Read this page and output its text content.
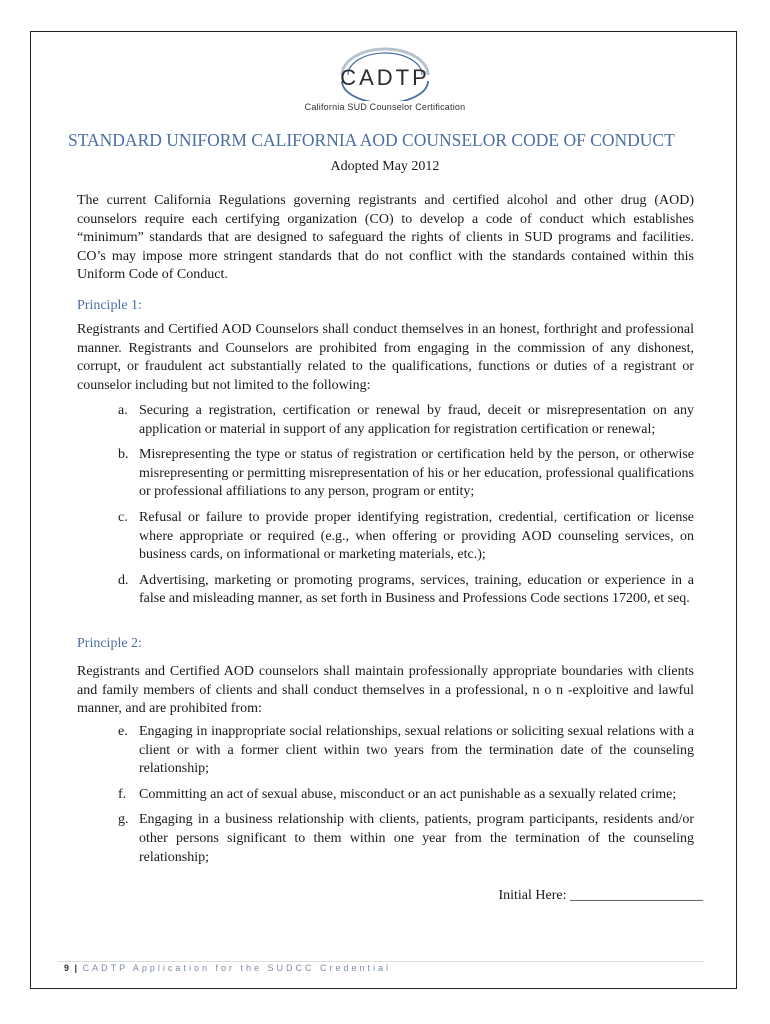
CADTP
California SUD Counselor Certification
STANDARD UNIFORM CALIFORNIA AOD COUNSELOR CODE OF CONDUCT
Adopted May 2012
The current California Regulations governing registrants and certified alcohol and other drug (AOD) counselors require each certifying organization (CO) to develop a code of conduct which establishes “minimum” standards that are designed to safeguard the rights of clients in SUD programs and facilities. CO’s may impose more stringent standards that do not conflict with the standards contained within this Uniform Code of Conduct.
Principle 1:
Registrants and Certified AOD Counselors shall conduct themselves in an honest, forthright and professional manner. Registrants and Counselors are prohibited from engaging in the commission of any dishonest, corrupt, or fraudulent act substantially related to the qualifications, functions or duties of a registrant or counselor including but not limited to the following:
a. Securing a registration, certification or renewal by fraud, deceit or misrepresentation on any application or material in support of any application for registration certification or renewal;
b. Misrepresenting the type or status of registration or certification held by the person, or otherwise misrepresenting or permitting misrepresentation of his or her education, professional qualifications or professional affiliations to any person, program or entity;
c. Refusal or failure to provide proper identifying registration, credential, certification or license where appropriate or required (e.g., when offering or providing AOD counseling services, on business cards, on informational or marketing materials, etc.);
d. Advertising, marketing or promoting programs, services, training, education or experience in a false and misleading manner, as set forth in Business and Professions Code sections 17200, et seq.
Principle 2:
Registrants and Certified AOD counselors shall maintain professionally appropriate boundaries with clients and family members of clients and shall conduct themselves in a professional, n o n -exploitive and lawful manner, and are prohibited from:
e. Engaging in inappropriate social relationships, sexual relations or soliciting sexual relations with a client or with a former client within two years from the termination date of the counseling relationship;
f. Committing an act of sexual abuse, misconduct or an act punishable as a sexually related crime;
g. Engaging in a business relationship with clients, patients, program participants, residents and/or other persons significant to them within one year from the termination of the counseling relationship;
Initial Here: ___________________
9 | CADTP Application for the SUDCC Credential
